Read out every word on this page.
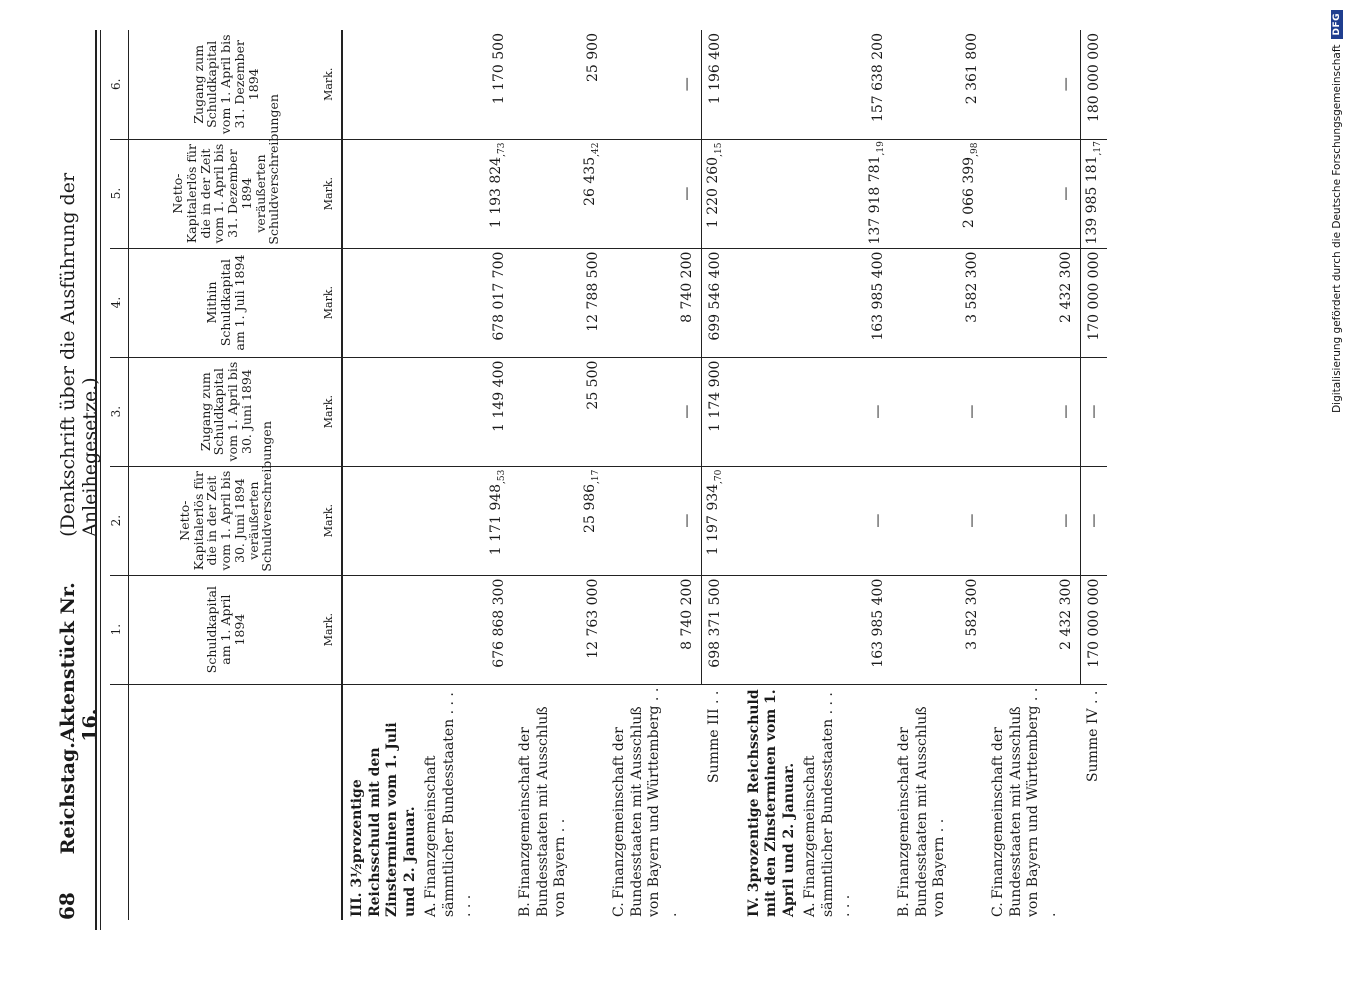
Digitalisierung gefördert durch die Deutsche Forschungsgemeinschaft
DFG
68
Reichstag.
Aktenstück Nr. 16.
(Denkschrift über die Ausführung der Anleihegesetze.)
	1.	2.	3.	4.	5.	6.
	Schuldkapital am 1. April 1894	Netto-Kapitalerlös für die in der Zeit vom 1. April bis 30. Juni 1894 veräußerten Schuldverschreibungen	Zugang zum Schuldkapital vom 1. April bis 30. Juni 1894	Mithin Schuldkapital am 1. Juli 1894	Netto-Kapitalerlös für die in der Zeit vom 1. April bis 31. Dezember 1894 veräußerten Schuldverschreibungen	Zugang zum Schuldkapital vom 1. April bis 31. Dezember 1894
	Mark.	Mark.	Mark.	Mark.	Mark.	Mark.
III. 3½prozentige Reichsschuld mit den Zinsterminen vom 1. Juli und 2. Januar.						
A.Finanzgemeinschaft sämmtlicher Bundesstaaten . . . . . .	676 868 300	1 171 $948_{,53}$	1 149 400	678 017 700	1 193 $824_{,73}$	1 170 500
B.Finanzgemeinschaft der Bundesstaaten mit Ausschluß von Bayern . .	12 763 000	25 $986_{,17}$	25 500	12 788 500	26 $435_{,42}$	25 900
C.Finanzgemeinschaft der Bundesstaaten mit Ausschluß von Bayern und Württemberg . . .	8 740 200	—	—	8 740 200	—	—
Summe III . .	698 371 500	1 197 $934_{,70}$	1 174 900	699 546 400	1 220 $260_{,15}$	1 196 400

IV. 3prozentige Reichsschuld mit den Zinsterminen vom 1. April und 2. Januar.						
A.Finanzgemeinschaft sämmtlicher Bundesstaaten . . . . . .	163 985 400	—	—	163 985 400	137 918 $781_{,19}$	157 638 200
B.Finanzgemeinschaft der Bundesstaaten mit Ausschluß von Bayern . .	3 582 300	—	—	3 582 300	2 066 $399_{,98}$	2 361 800
C.Finanzgemeinschaft der Bundesstaaten mit Ausschluß von Bayern und Württemberg . . .	2 432 300	—	—	2 432 300	—	—
Summe IV . .	170 000 000	—	—	170 000 000	139 985 $181_{,17}$	180 000 000
